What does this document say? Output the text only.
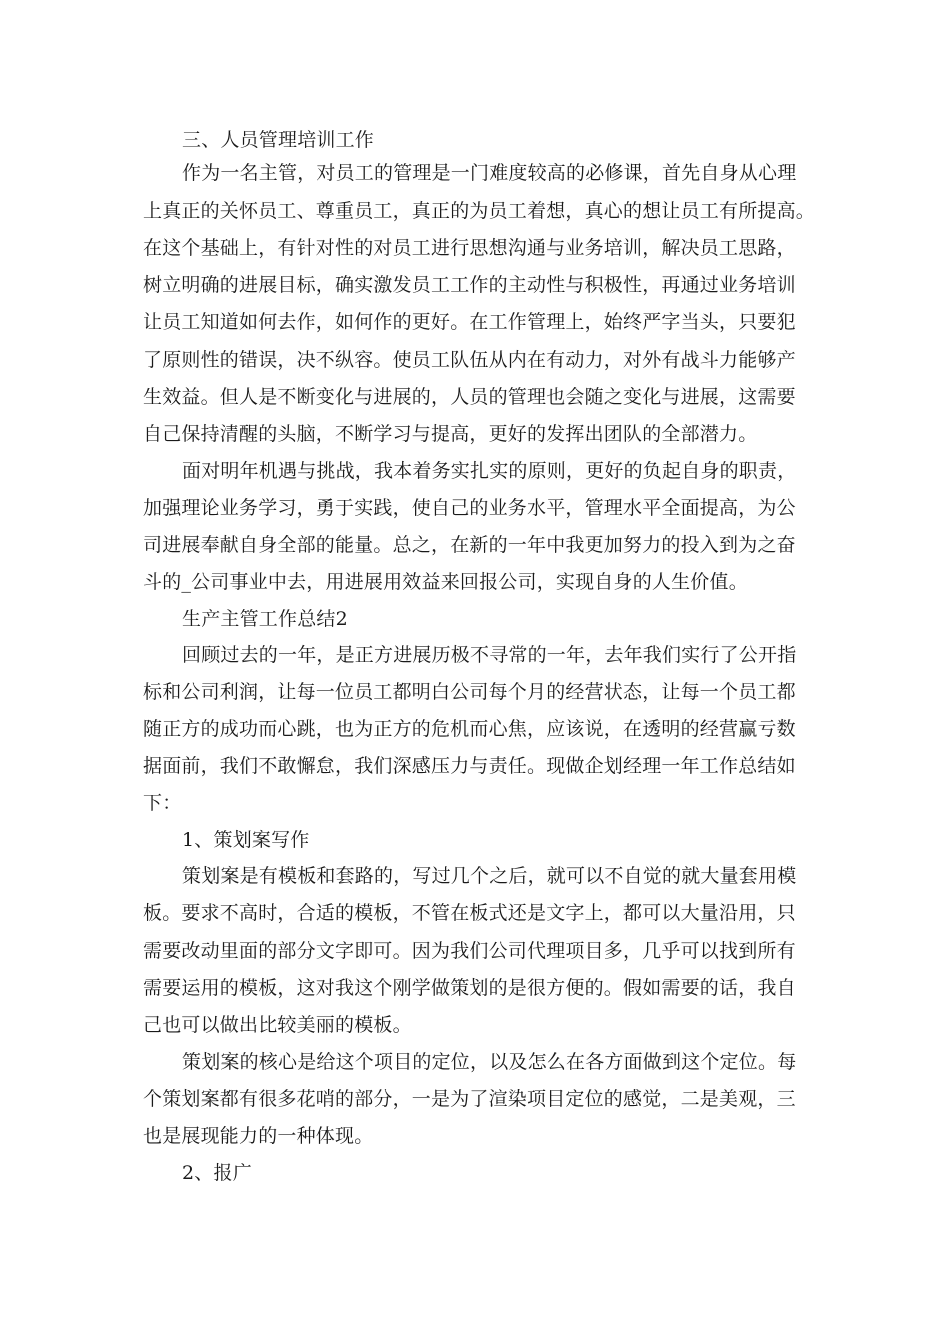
三、人员管理培训工作
作为一名主管，对员工的管理是一门难度较高的必修课，首先自身从心理
上真正的关怀员工、尊重员工，真正的为员工着想，真心的想让员工有所提高。
在这个基础上，有针对性的对员工进行思想沟通与业务培训，解决员工思路，
树立明确的进展目标，确实激发员工工作的主动性与积极性，再通过业务培训
让员工知道如何去作，如何作的更好。在工作管理上，始终严字当头，只要犯
了原则性的错误，决不纵容。使员工队伍从内在有动力，对外有战斗力能够产
生效益。但人是不断变化与进展的，人员的管理也会随之变化与进展，这需要
自己保持清醒的头脑，不断学习与提高，更好的发挥出团队的全部潜力。
面对明年机遇与挑战，我本着务实扎实的原则，更好的负起自身的职责，
加强理论业务学习，勇于实践，使自己的业务水平，管理水平全面提高，为公
司进展奉献自身全部的能量。总之，在新的一年中我更加努力的投入到为之奋
斗的_公司事业中去，用进展用效益来回报公司，实现自身的人生价值。
生产主管工作总结2
回顾过去的一年，是正方进展历极不寻常的一年，去年我们实行了公开指
标和公司利润，让每一位员工都明白公司每个月的经营状态，让每一个员工都
随正方的成功而心跳，也为正方的危机而心焦，应该说，在透明的经营赢亏数
据面前，我们不敢懈怠，我们深感压力与责任。现做企划经理一年工作总结如
下：
1、策划案写作
策划案是有模板和套路的，写过几个之后，就可以不自觉的就大量套用模
板。要求不高时，合适的模板，不管在板式还是文字上，都可以大量沿用，只
需要改动里面的部分文字即可。因为我们公司代理项目多，几乎可以找到所有
需要运用的模板，这对我这个刚学做策划的是很方便的。假如需要的话，我自
己也可以做出比较美丽的模板。
策划案的核心是给这个项目的定位，以及怎么在各方面做到这个定位。每
个策划案都有很多花哨的部分，一是为了渲染项目定位的感觉，二是美观，三
也是展现能力的一种体现。
2、报广
